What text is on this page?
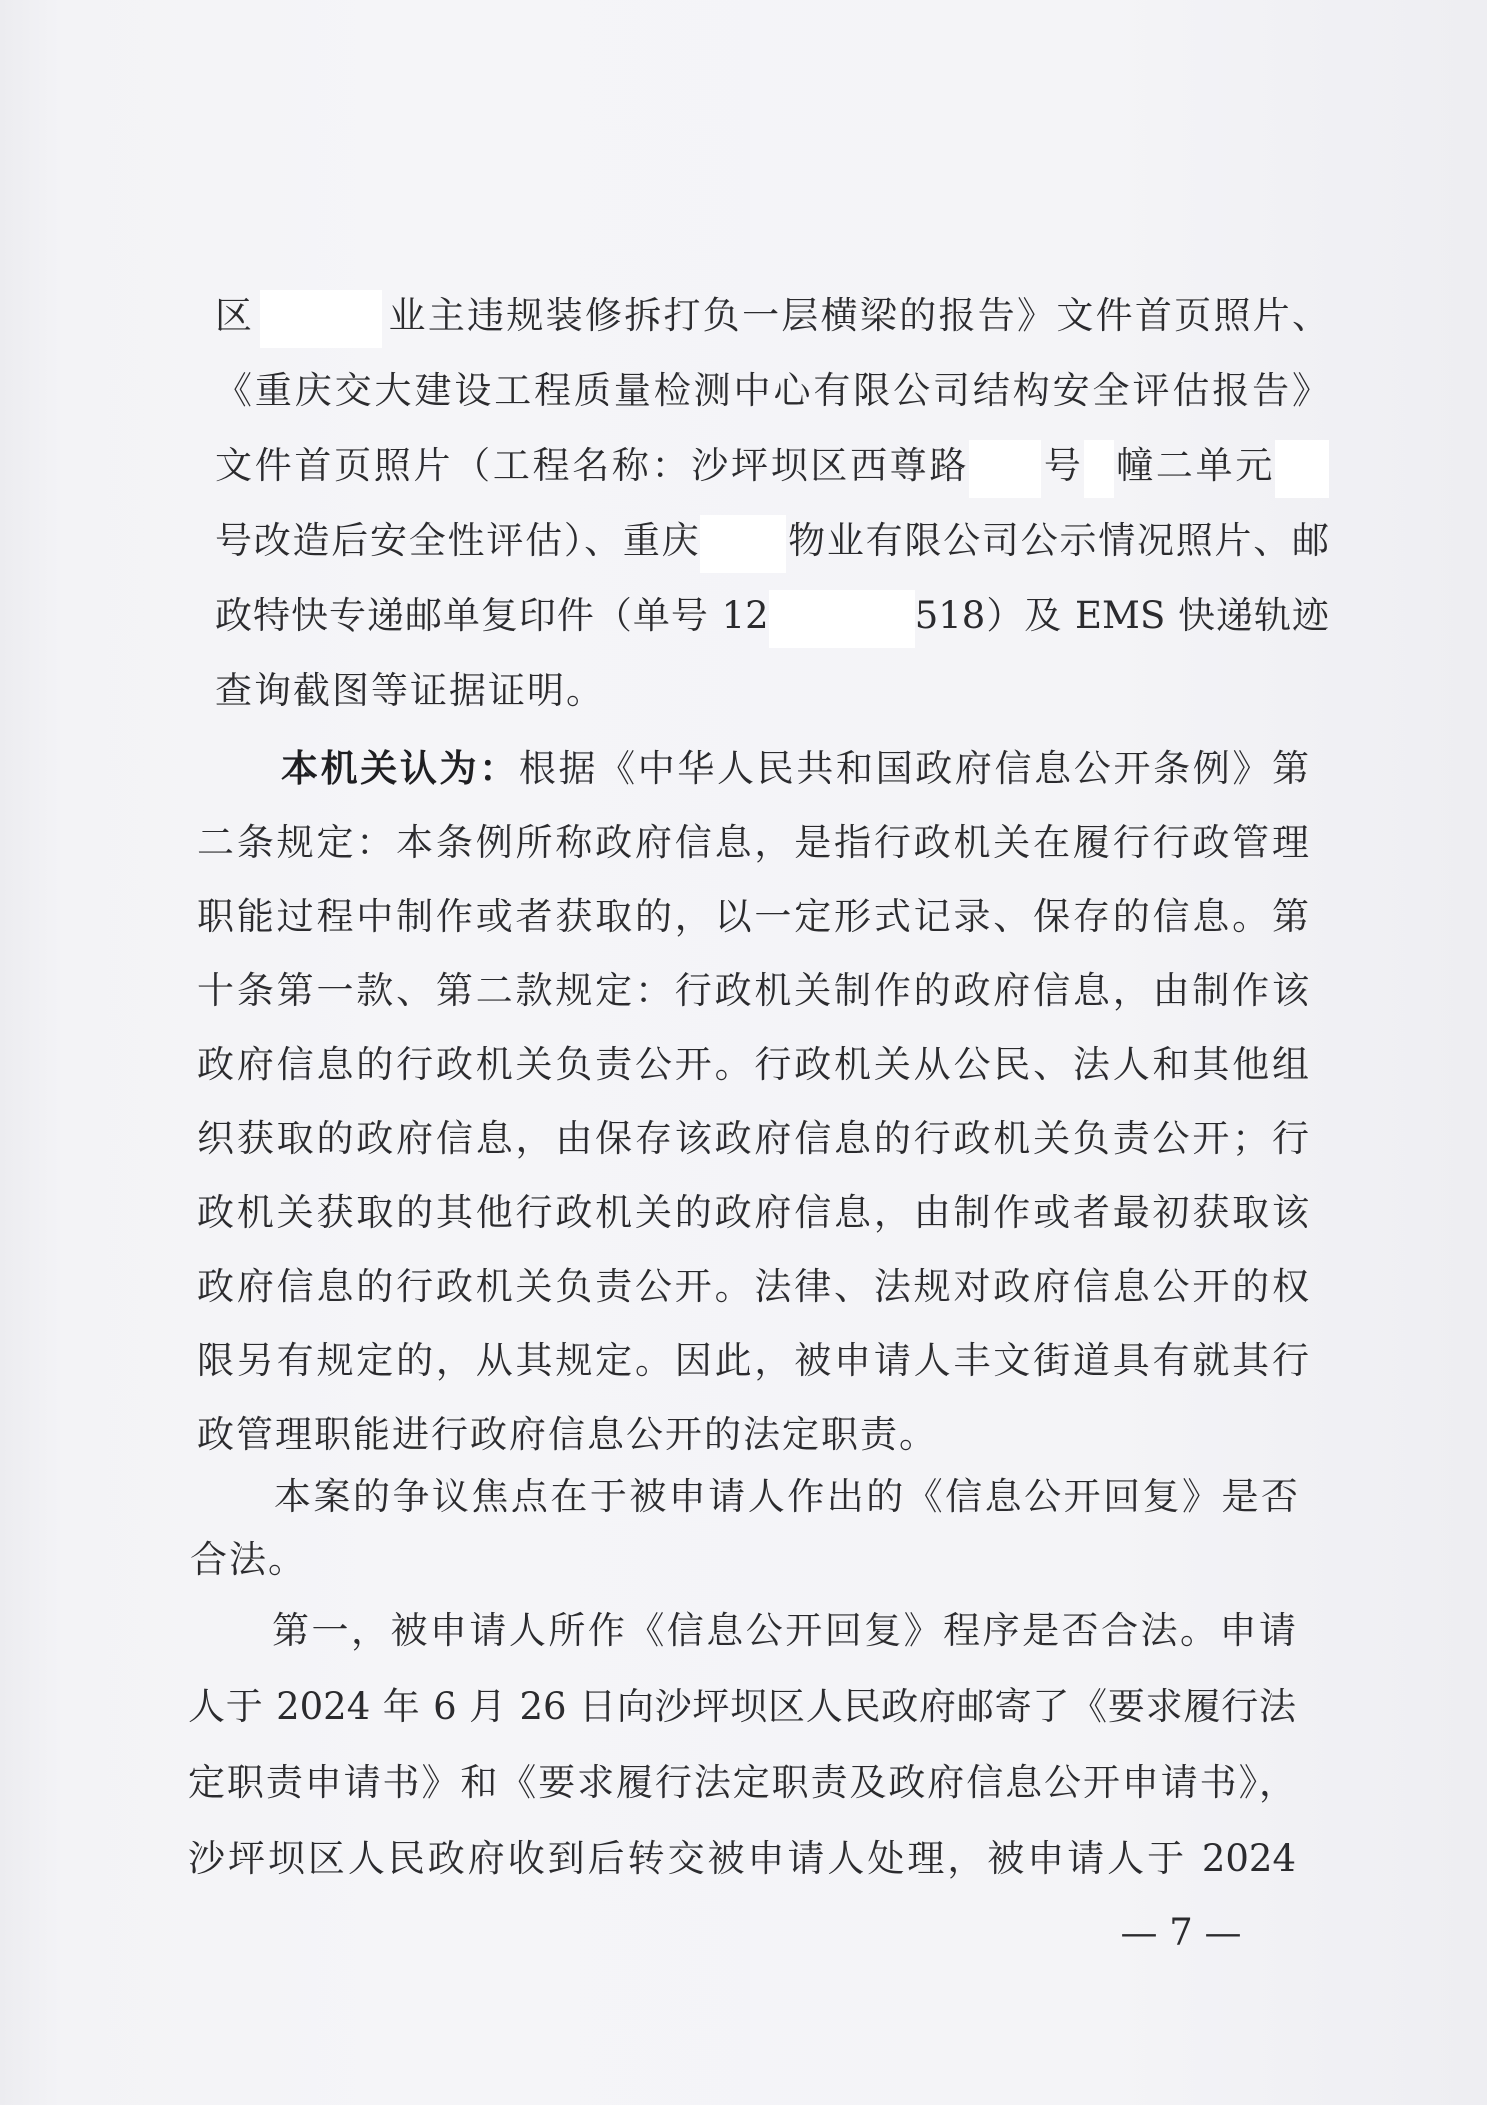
区	业主违规装修拆打负一层横梁的报告》文件首页照片、
《重庆交大建设工程质量检测中心有限公司结构安全评估报告》
文件首页照片（工程名称：沙坪坝区西尊路 号 幢二单元
号改造后安全性评估）、重庆 物业有限公司公示情况照片、邮
政特快专递邮单复印件（单号 12	518）及 EMS 快递轨迹
查询截图等证据证明。
本机关认为：根据《中华人民共和国政府信息公开条例》第
二条规定：本条例所称政府信息，是指行政机关在履行行政管理
职能过程中制作或者获取的，以一定形式记录、保存的信息。第
十条第一款、第二款规定：行政机关制作的政府信息，由制作该
政府信息的行政机关负责公开。行政机关从公民、法人和其他组
织获取的政府信息，由保存该政府信息的行政机关负责公开；行
政机关获取的其他行政机关的政府信息，由制作或者最初获取该
政府信息的行政机关负责公开。法律、法规对政府信息公开的权
限另有规定的，从其规定。因此，被申请人丰文街道具有就其行
政管理职能进行政府信息公开的法定职责。
本案的争议焦点在于被申请人作出的《信息公开回复》是否
合法。
第一，被申请人所作《信息公开回复》程序是否合法。申请
人于 2024 年 6 月 26 日向沙坪坝区人民政府邮寄了《要求履行法
定职责申请书》和《要求履行法定职责及政府信息公开申请书》，
沙坪坝区人民政府收到后转交被申请人处理，被申请人于 2024
— 7 —
